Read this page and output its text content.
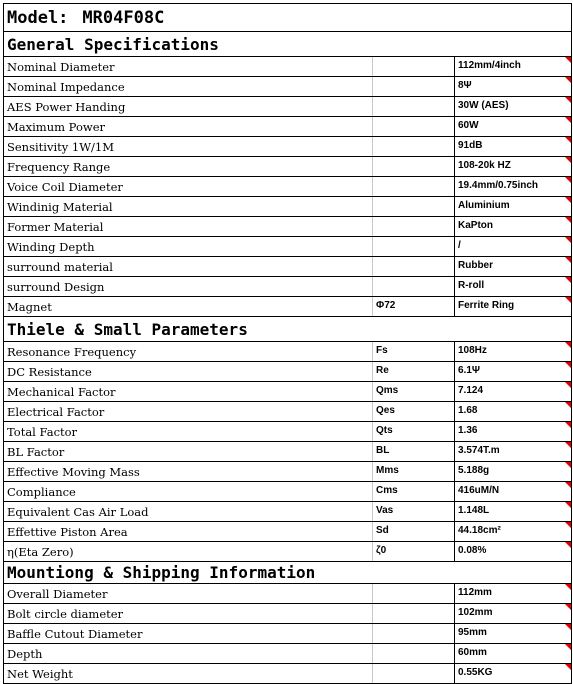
Model: MR04F08C
General Specifications
Nominal Diameter	112mm/4inch
Nominal Impedance	8Ψ
AES Power Handing	30W (AES)
Maximum Power	60W
Sensitivity 1W/1M	91dB
Frequency Range	108-20k HZ
Voice Coil Diameter	19.4mm/0.75inch
Windinig Material	Aluminium
Former Material	KaPton
Winding Depth	/
surround material	Rubber
surround Design	R-roll
Magnet	Φ72	Ferrite Ring
Thiele & Small Parameters
Resonance Frequency	Fs	108Hz
DC Resistance	Re	6.1Ψ
Mechanical Factor	Qms	7.124
Electrical Factor	Qes	1.68
Total Factor	Qts	1.36
BL Factor	BL	3.574T.m
Effective Moving Mass	Mms	5.188g
Compliance	Cms	416uM/N
Equivalent Cas Air Load	Vas	1.148L
Effettive Piston Area	Sd	44.18cm²
η(Eta Zero)	ζ0	0.08%
Mountiong & Shipping Information
Overall Diameter	112mm
Bolt circle diameter	102mm
Baffle Cutout Diameter	95mm
Depth	60mm
Net Weight	0.55KG
